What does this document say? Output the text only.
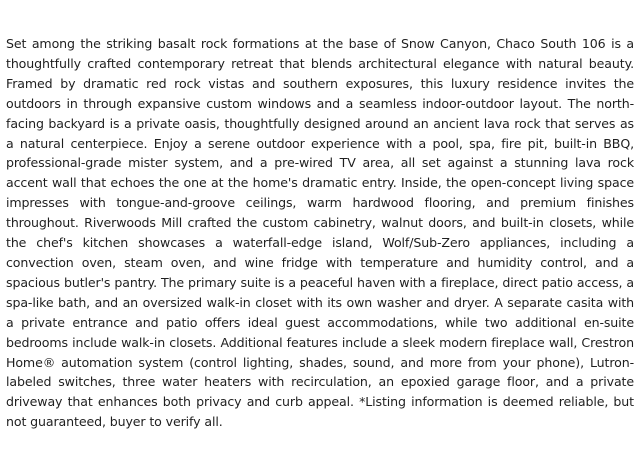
Set among the striking basalt rock formations at the base of Snow Canyon, Chaco South 106 is a thoughtfully crafted contemporary retreat that blends architectural elegance with natural beauty. Framed by dramatic red rock vistas and southern exposures, this luxury residence invites the outdoors in through expansive custom windows and a seamless indoor-outdoor layout. The north-facing backyard is a private oasis, thoughtfully designed around an ancient lava rock that serves as a natural centerpiece. Enjoy a serene outdoor experience with a pool, spa, fire pit, built-in BBQ, professional-grade mister system, and a pre-wired TV area, all set against a stunning lava rock accent wall that echoes the one at the home's dramatic entry. Inside, the open-concept living space impresses with tongue-and-groove ceilings, warm hardwood flooring, and premium finishes throughout. Riverwoods Mill crafted the custom cabinetry, walnut doors, and built-in closets, while the chef's kitchen showcases a waterfall-edge island, Wolf/Sub-Zero appliances, including a convection oven, steam oven, and wine fridge with temperature and humidity control, and a spacious butler's pantry. The primary suite is a peaceful haven with a fireplace, direct patio access, a spa-like bath, and an oversized walk-in closet with its own washer and dryer. A separate casita with a private entrance and patio offers ideal guest accommodations, while two additional en-suite bedrooms include walk-in closets. Additional features include a sleek modern fireplace wall, Crestron Home® automation system (control lighting, shades, sound, and more from your phone), Lutron-labeled switches, three water heaters with recirculation, an epoxied garage floor, and a private driveway that enhances both privacy and curb appeal. *Listing information is deemed reliable, but not guaranteed, buyer to verify all.
